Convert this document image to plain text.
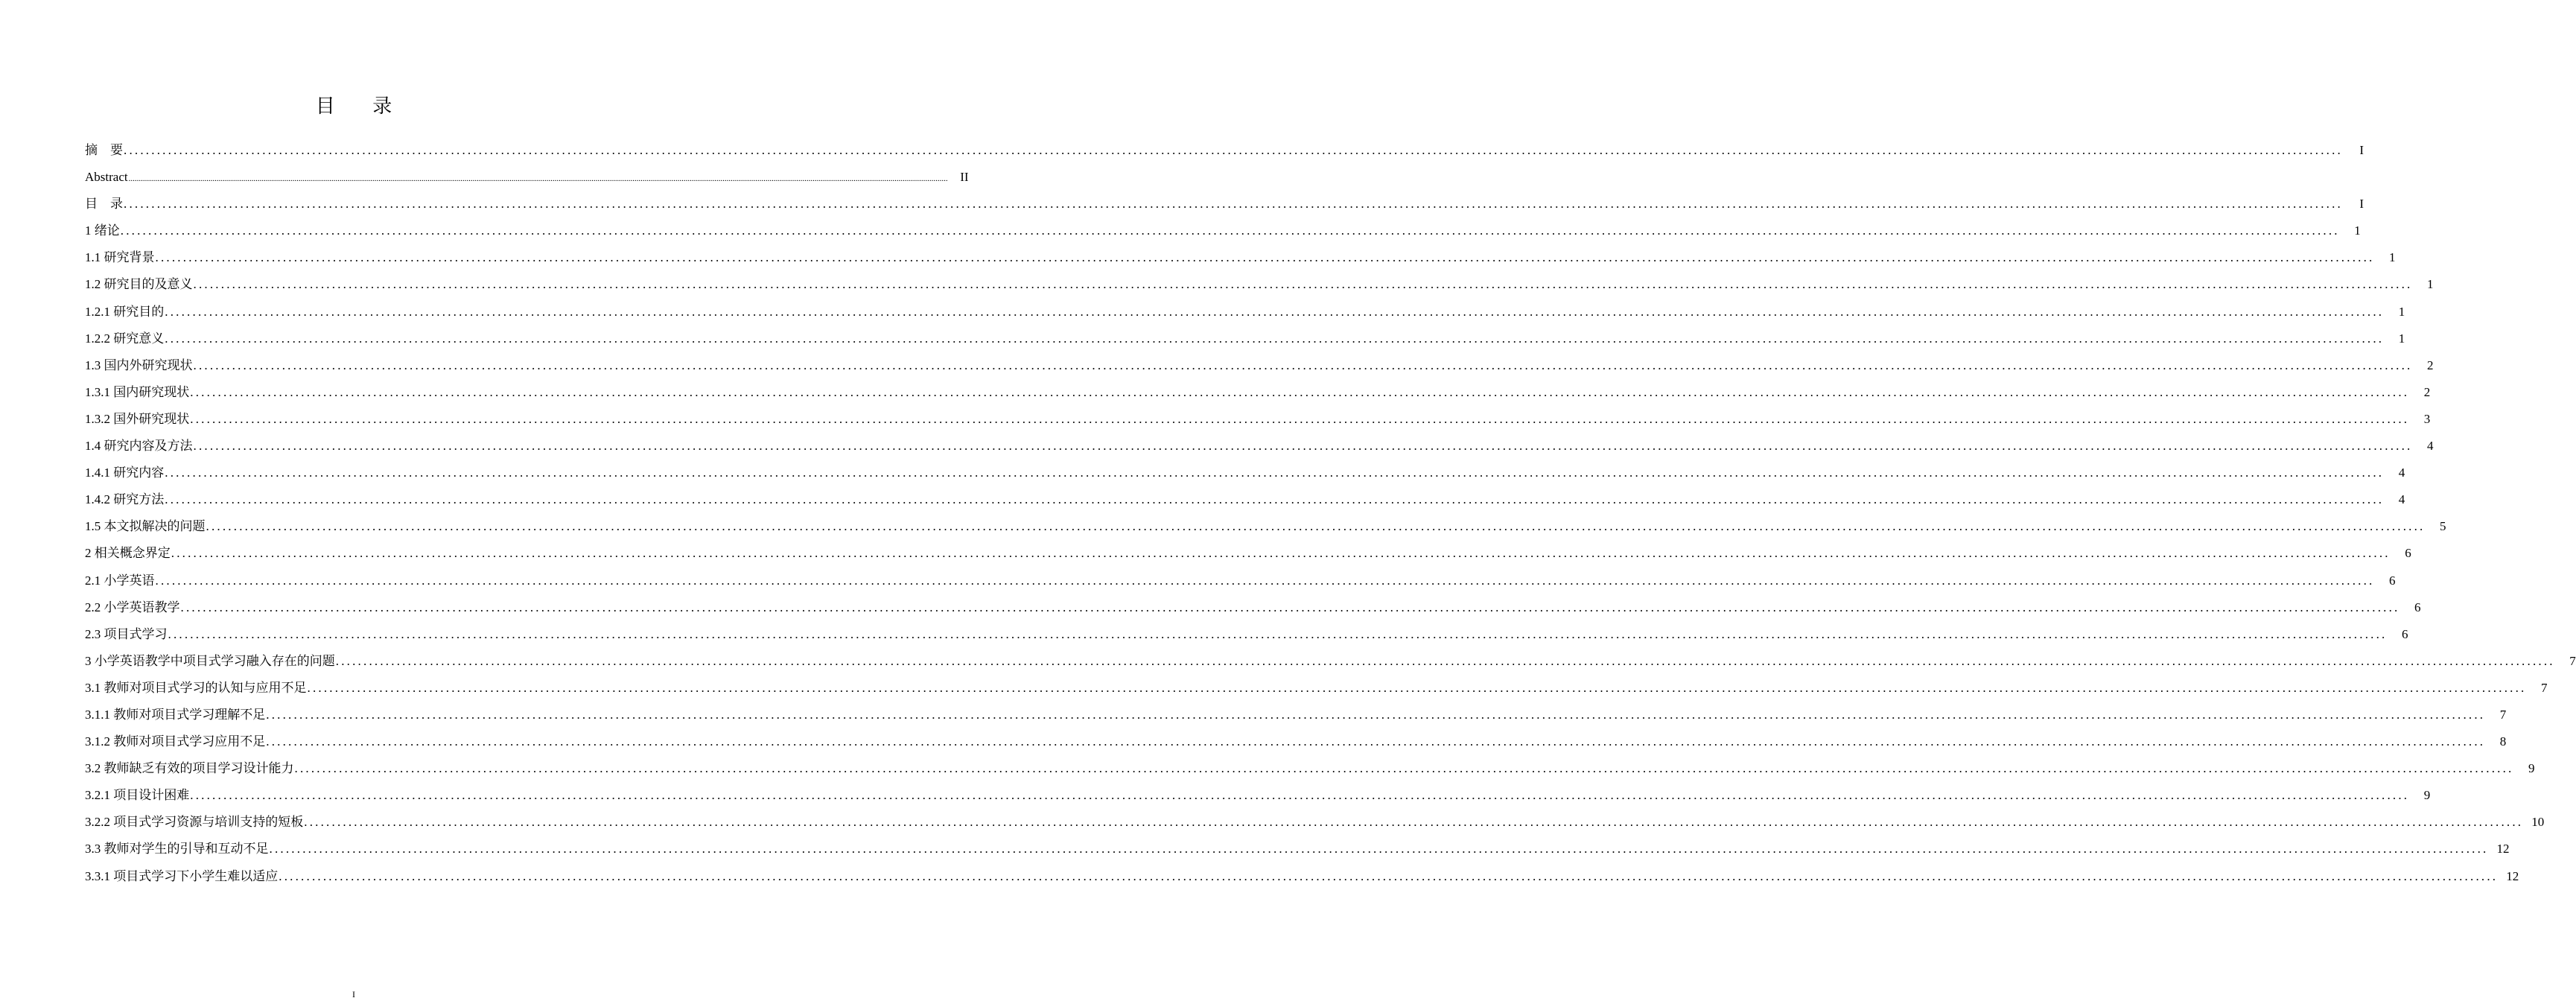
目 录
摘　要 ................................................................................................................................................................................................................................................................................................................................................................................................................	I
Abstract ................................................................................................................................................................................................................................................................................................................................................................................................................ II
目　录 ................................................................................................................................................................................................................................................................................................................................................................................................................	I
1 绪论 ................................................................................................................................................................................................................................................................................................................................................................................................................	1
1.1 研究背景 ................................................................................................................................................................................................................................................................................................................................................................................................................	1
1.2 研究目的及意义 ................................................................................................................................................................................................................................................................................................................................................................................................................	1
1.2.1 研究目的 ................................................................................................................................................................................................................................................................................................................................................................................................................	1
1.2.2 研究意义 ................................................................................................................................................................................................................................................................................................................................................................................................................	1
1.3 国内外研究现状 ................................................................................................................................................................................................................................................................................................................................................................................................................	2
1.3.1 国内研究现状 ................................................................................................................................................................................................................................................................................................................................................................................................................	2
1.3.2 国外研究现状 ................................................................................................................................................................................................................................................................................................................................................................................................................	3
1.4 研究内容及方法 ................................................................................................................................................................................................................................................................................................................................................................................................................	4
1.4.1 研究内容 ................................................................................................................................................................................................................................................................................................................................................................................................................	4
1.4.2 研究方法 ................................................................................................................................................................................................................................................................................................................................................................................................................	4
1.5 本文拟解决的问题 ................................................................................................................................................................................................................................................................................................................................................................................................................	5
2 相关概念界定 ................................................................................................................................................................................................................................................................................................................................................................................................................	6
2.1 小学英语 ................................................................................................................................................................................................................................................................................................................................................................................................................	6
2.2 小学英语教学 ................................................................................................................................................................................................................................................................................................................................................................................................................	6
2.3 项目式学习 ................................................................................................................................................................................................................................................................................................................................................................................................................	6
3 小学英语教学中项目式学习融入存在的问题 ................................................................................................................................................................................................................................................................................................................................................................................................................	7
3.1 教师对项目式学习的认知与应用不足 ................................................................................................................................................................................................................................................................................................................................................................................................................	7
3.1.1 教师对项目式学习理解不足 ................................................................................................................................................................................................................................................................................................................................................................................................................	7
3.1.2 教师对项目式学习应用不足 ................................................................................................................................................................................................................................................................................................................................................................................................................	8
3.2 教师缺乏有效的项目学习设计能力 ................................................................................................................................................................................................................................................................................................................................................................................................................	9
3.2.1 项目设计困难 ................................................................................................................................................................................................................................................................................................................................................................................................................	9
3.2.2 项目式学习资源与培训支持的短板 ................................................................................................................................................................................................................................................................................................................................................................................................................ 10
3.3 教师对学生的引导和互动不足 ................................................................................................................................................................................................................................................................................................................................................................................................................ 12
3.3.1 项目式学习下小学生难以适应 ................................................................................................................................................................................................................................................................................................................................................................................................................ 12
I
